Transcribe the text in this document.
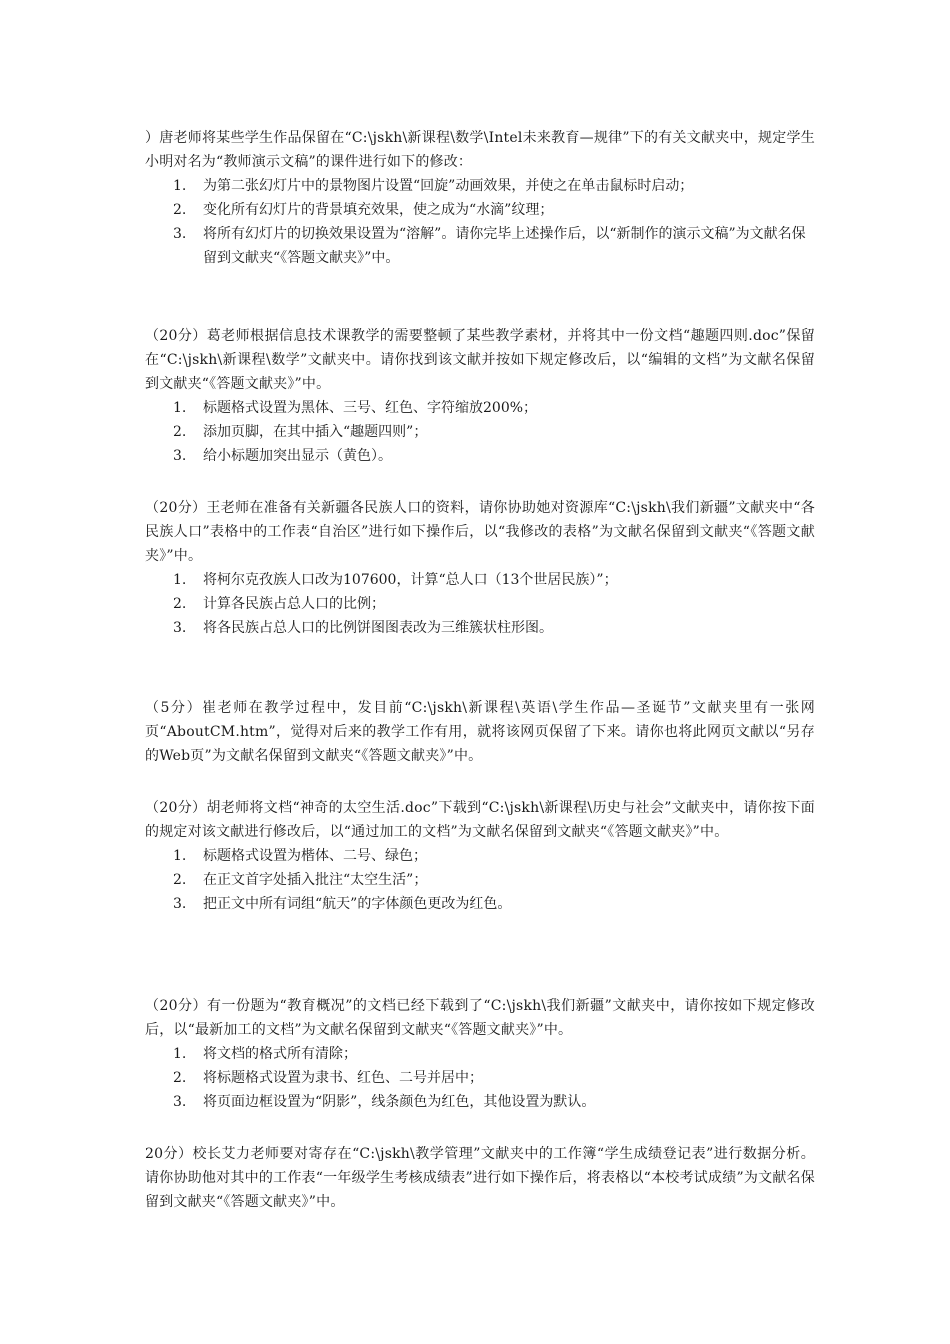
）唐老师将某些学生作品保留在“C:\jskh\新课程\数学\Intel未来教育—规律”下的有关文献夹中，规定学生小明对名为“教师演示文稿”的课件进行如下的修改：

1.	为第二张幻灯片中的景物图片设置“回旋”动画效果，并使之在单击鼠标时启动；
2.	变化所有幻灯片的背景填充效果，使之成为“水滴”纹理；
3.	将所有幻灯片的切换效果设置为“溶解”。请你完毕上述操作后，以“新制作的演示文稿”为文献名保留到文献夹“《答题文献夹》”中。

（20分）葛老师根据信息技术课教学的需要整顿了某些教学素材，并将其中一份文档“趣题四则.doc”保留在“C:\jskh\新课程\数学”文献夹中。请你找到该文献并按如下规定修改后，以“编辑的文档”为文献名保留到文献夹“《答题文献夹》”中。

1.	标题格式设置为黑体、三号、红色、字符缩放200%；
2.	添加页脚，在其中插入“趣题四则”；
3.	给小标题加突出显示（黄色）。

（20分）王老师在准备有关新疆各民族人口的资料，请你协助她对资源库“C:\jskh\我们新疆”文献夹中“各民族人口”表格中的工作表“自治区”进行如下操作后，以“我修改的表格”为文献名保留到文献夹“《答题文献夹》”中。

1.	将柯尔克孜族人口改为107600，计算“总人口（13个世居民族）”；
2.	计算各民族占总人口的比例；
3.	将各民族占总人口的比例饼图图表改为三维簇状柱形图。

（5分）崔老师在教学过程中，发目前“C:\jskh\新课程\英语\学生作品—圣诞节”文献夹里有一张网页“AboutCM.htm”，觉得对后来的教学工作有用，就将该网页保留了下来。请你也将此网页文献以“另存的Web页”为文献名保留到文献夹“《答题文献夹》”中。

（20分）胡老师将文档“神奇的太空生活.doc”下载到“C:\jskh\新课程\历史与社会”文献夹中，请你按下面的规定对该文献进行修改后，以“通过加工的文档”为文献名保留到文献夹“《答题文献夹》”中。

1.	标题格式设置为楷体、二号、绿色；
2.	在正文首字处插入批注“太空生活”；
3.	把正文中所有词组“航天”的字体颜色更改为红色。

（20分）有一份题为“教育概况”的文档已经下载到了“C:\jskh\我们新疆”文献夹中，请你按如下规定修改后，以“最新加工的文档”为文献名保留到文献夹“《答题文献夹》”中。

1.	将文档的格式所有清除；
2.	将标题格式设置为隶书、红色、二号并居中；
3.	将页面边框设置为“阴影”，线条颜色为红色，其他设置为默认。

20分）校长艾力老师要对寄存在“C:\jskh\教学管理”文献夹中的工作簿“学生成绩登记表”进行数据分析。请你协助他对其中的工作表“一年级学生考核成绩表”进行如下操作后，将表格以“本校考试成绩”为文献名保留到文献夹“《答题文献夹》”中。
